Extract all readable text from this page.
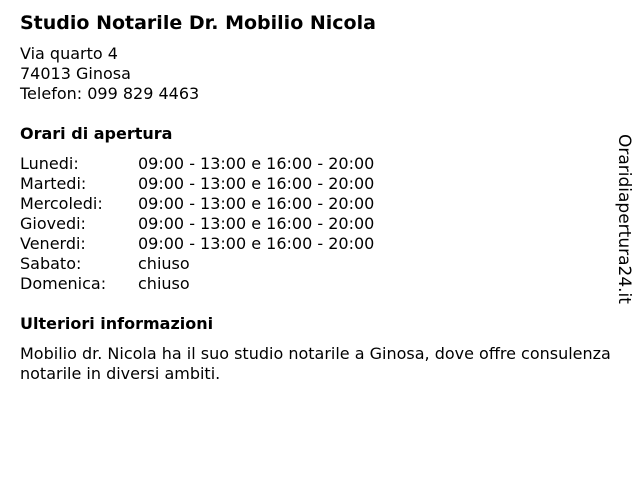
Studio Notarile Dr. Mobilio Nicola
Via quarto 4
74013 Ginosa
Telefon: 099 829 4463
Orari di apertura
Lunedi:	09:00 - 13:00 e 16:00 - 20:00
Martedi:	09:00 - 13:00 e 16:00 - 20:00
Mercoledi: 09:00 - 13:00 e 16:00 - 20:00
Giovedi:	09:00 - 13:00 e 16:00 - 20:00
Venerdi:	09:00 - 13:00 e 16:00 - 20:00
Sabato:	chiuso
Domenica: chiuso
Ulteriori informazioni
Mobilio dr. Nicola ha il suo studio notarile a Ginosa, dove offre consulenza notarile in diversi ambiti.
Oraridiapertura24.it
